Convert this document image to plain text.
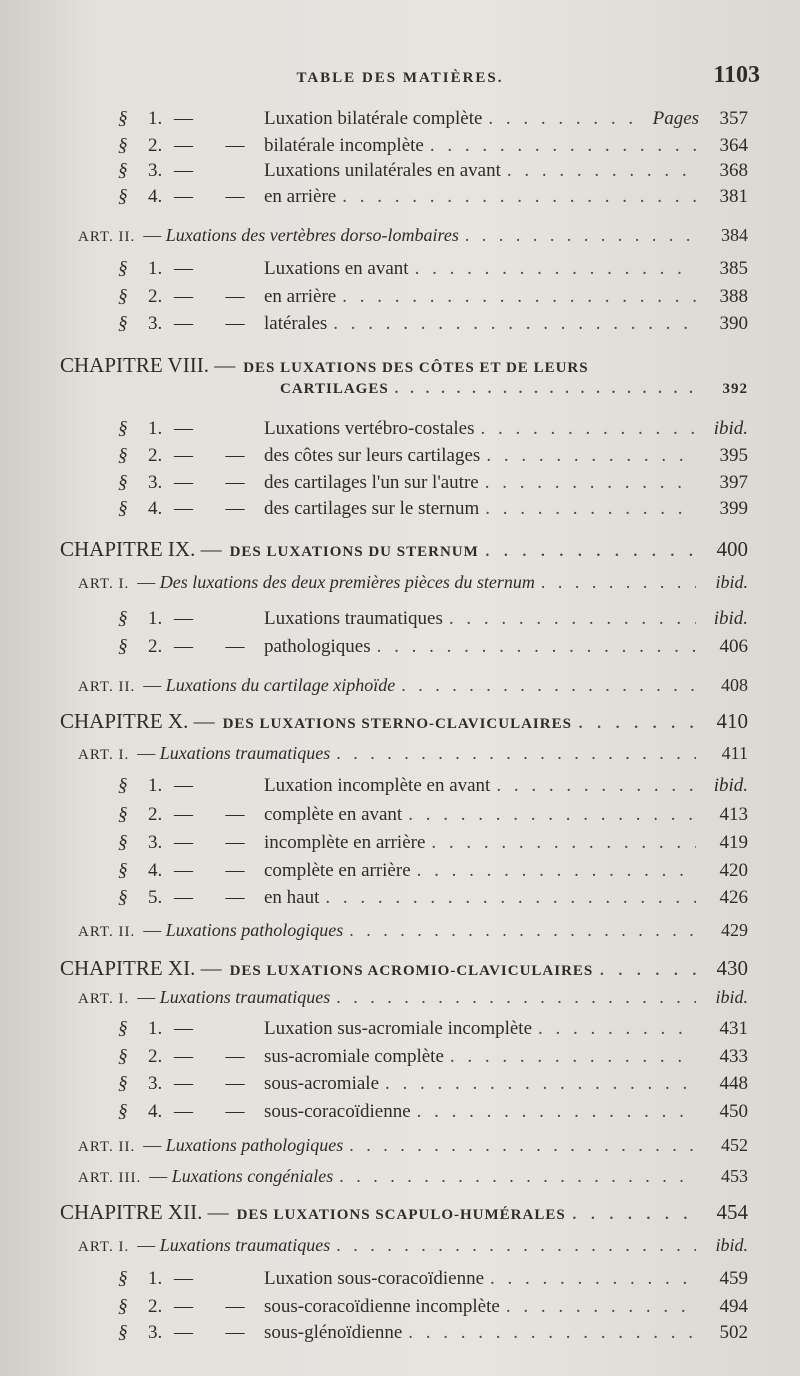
TABLE DES MATIÈRES.	1103
§ 1. —	Luxation bilatérale complète . . .	Pages	357
§ 2. — — bilatérale incomplète . . .	364
§ 3. —	Luxations unilatérales en avant . . .	368
§ 4. — — en arrière . . .	381
ART. II. — Luxations des vertèbres dorso-lombaires . . .	384
§ 1. —	Luxations en avant . . .	385
§ 2. — — en arrière . . .	388
§ 3. — — latérales . . .	390
CHAPITRE VIII. — DES LUXATIONS DES CÔTES ET DE LEURS
CARTILAGES . . .	392
§ 1. —	Luxations vertébro-costales . . .	ibid.
§ 2. — — des côtes sur leurs cartilages . . .	395
§ 3. — — des cartilages l'un sur l'autre . . .	397
§ 4. — — des cartilages sur le sternum . . .	399
CHAPITRE IX. — DES LUXATIONS DU STERNUM . . .	400
ART. I. — Des luxations des deux premières pièces du sternum . . .	ibid.
§ 1. —	Luxations traumatiques . . .	ibid.
§ 2. — — pathologiques . . .	406
ART. II. — Luxations du cartilage xiphoïde . . .	408
CHAPITRE X. — DES LUXATIONS STERNO-CLAVICULAIRES . . .	410
ART. I. — Luxations traumatiques . . .	411
§ 1. —	Luxation incomplète en avant . . .	ibid.
§ 2. — — complète en avant . . .	413
§ 3. — — incomplète en arrière . . .	419
§ 4. — — complète en arrière . . .	420
§ 5. — — en haut . . .	426
ART. II. — Luxations pathologiques . . .	429
CHAPITRE XI. — DES LUXATIONS ACROMIO-CLAVICULAIRES . . .	430
ART. I. — Luxations traumatiques . . .	ibid.
§ 1. —	Luxation sus-acromiale incomplète . . .	431
§ 2. — — sus-acromiale complète . . .	433
§ 3. — — sous-acromiale . . .	448
§ 4. — — sous-coracoïdienne . . .	450
ART. II. — Luxations pathologiques . . .	452
ART. III. — Luxations congéniales . . .	453
CHAPITRE XII. — DES LUXATIONS SCAPULO-HUMÉRALES . . .	454
ART. I. — Luxations traumatiques . . .	ibid.
§ 1. —	Luxation sous-coracoïdienne . . .	459
§ 2. — — sous-coracoïdienne incomplète . . .	494
§ 3. — — sous-glénoïdienne . . .	502
